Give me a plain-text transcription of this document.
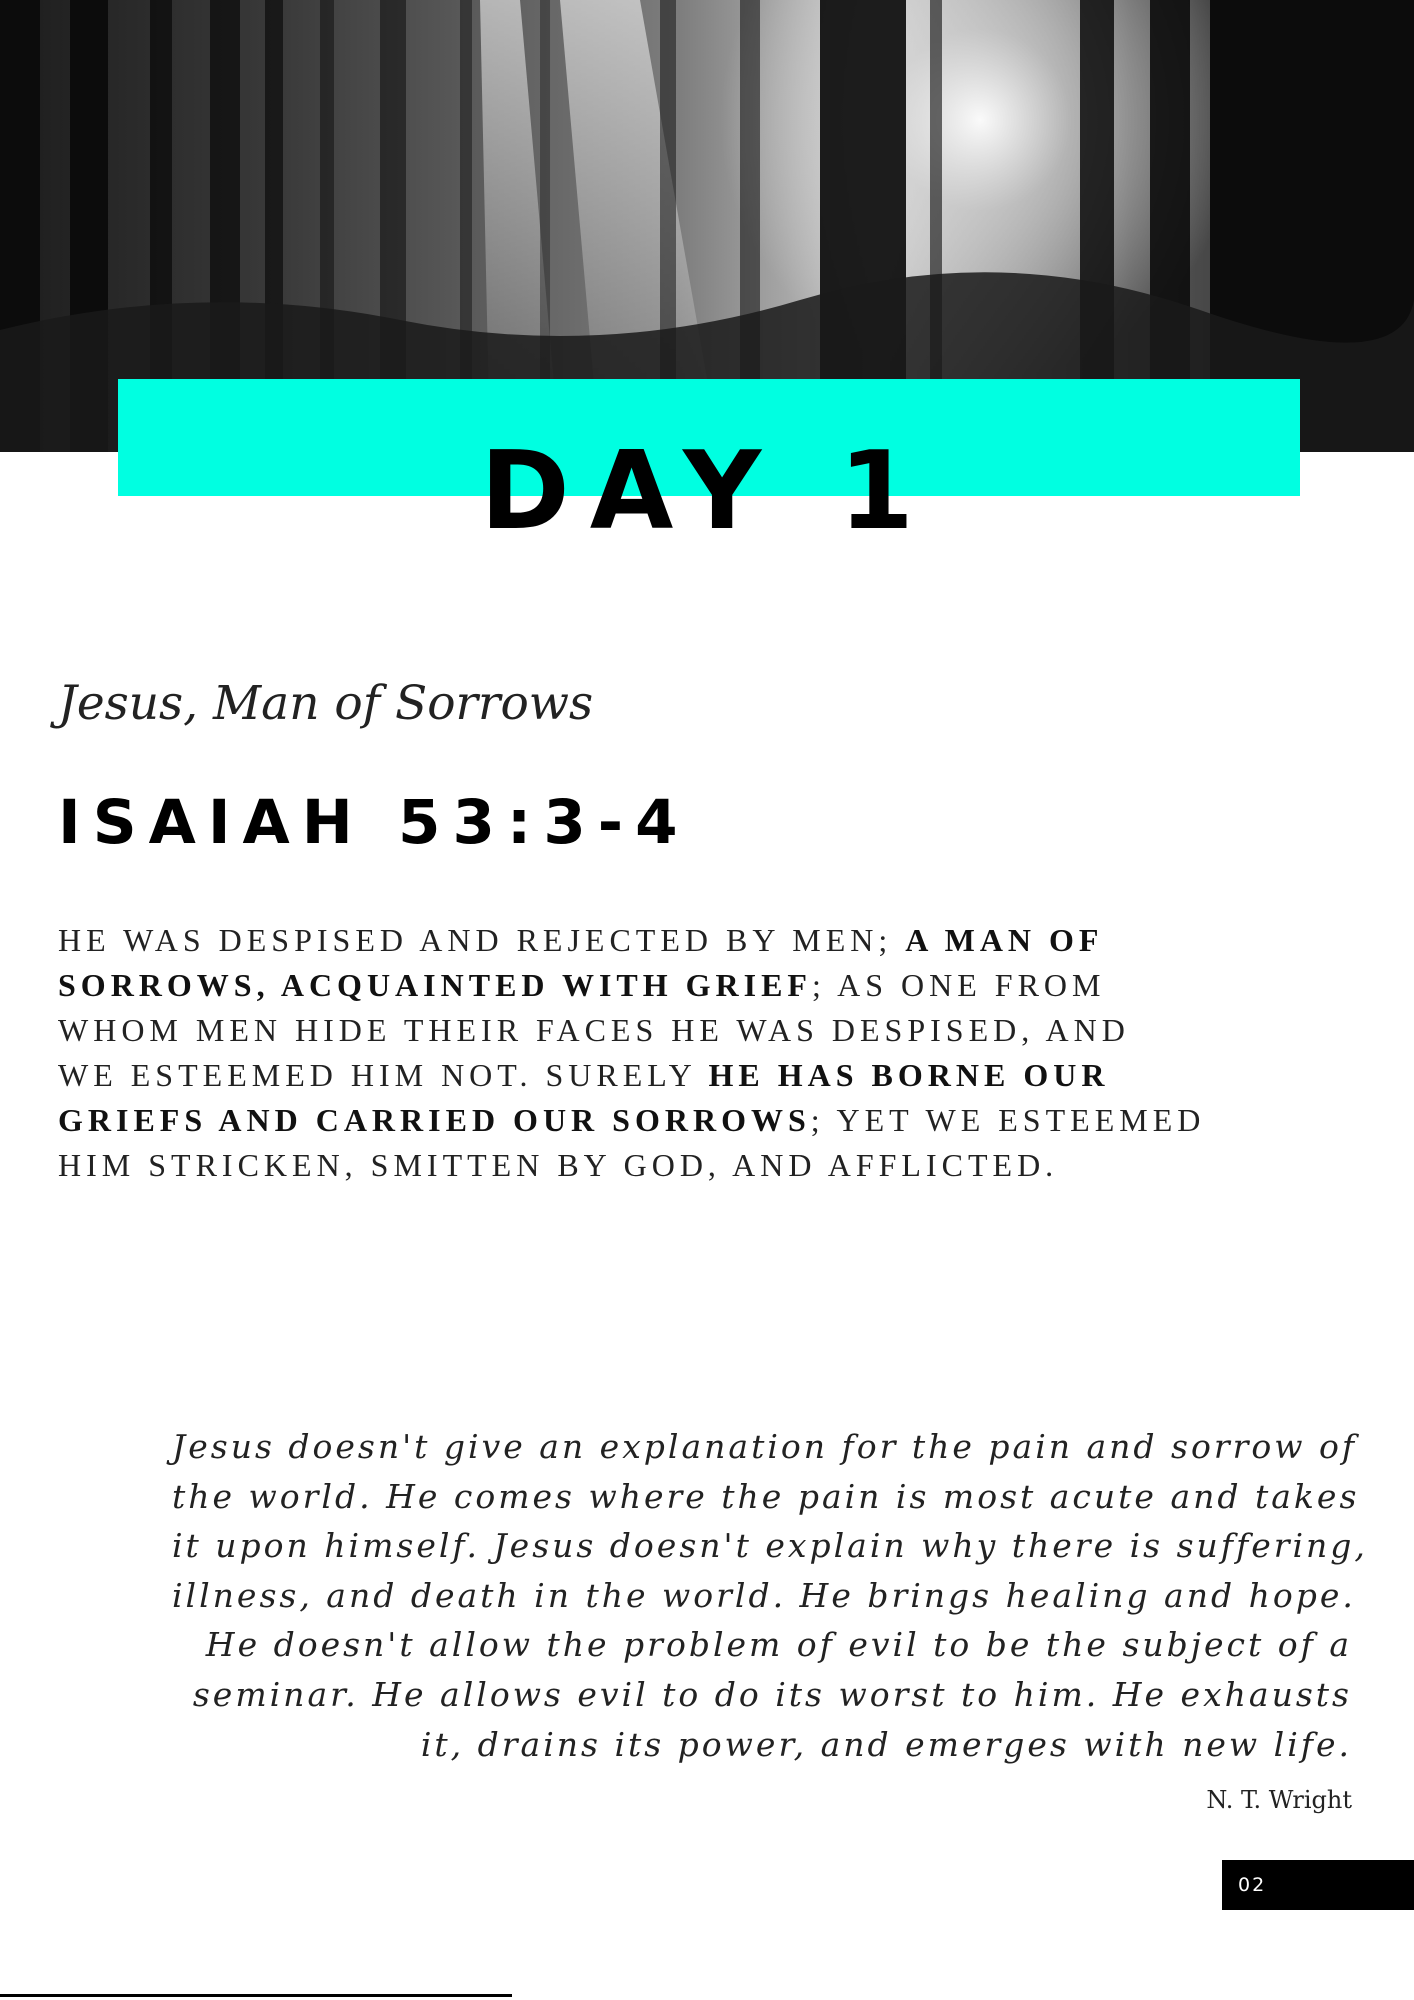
DAY 1
Jesus, Man of Sorrows
ISAIAH 53:3-4
HE WAS DESPISED AND REJECTED BY MEN; A MAN OF
SORROWS, ACQUAINTED WITH GRIEF; AS ONE FROM
WHOM MEN HIDE THEIR FACES HE WAS DESPISED, AND
WE ESTEEMED HIM NOT. SURELY HE HAS BORNE OUR
GRIEFS AND CARRIED OUR SORROWS; YET WE ESTEEMED
HIM STRICKEN, SMITTEN BY GOD, AND AFFLICTED.
Jesus doesn't give an explanation for the pain and sorrow of
the world. He comes where the pain is most acute and takes
it upon himself. Jesus doesn't explain why there is suffering,
illness, and death in the world. He brings healing and hope.
He doesn't allow the problem of evil to be the subject of a
seminar. He allows evil to do its worst to him. He exhausts
it, drains its power, and emerges with new life.
N. T. Wright
02
